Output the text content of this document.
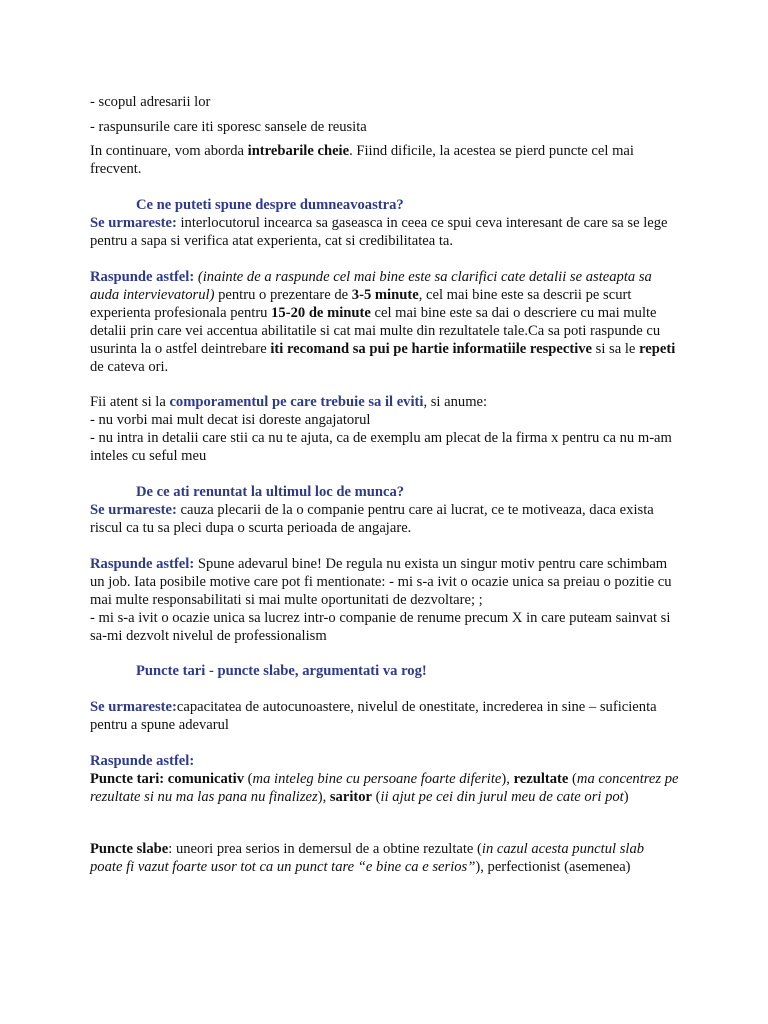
- scopul adresarii lor

- raspunsurile care iti sporesc sansele de reusita

In continuare, vom aborda intrebarile cheie. Fiind dificile, la acestea se pierd puncte cel mai frecvent.

Ce ne puteti spune despre dumneavoastra?

Se urmareste: interlocutorul incearca sa gaseasca in ceea ce spui ceva interesant de care sa se lege pentru a sapa si verifica atat experienta, cat si credibilitatea ta.

Raspunde astfel: (inainte de a raspunde cel mai bine este sa clarifici cate detalii se asteapta sa auda intervievatorul) pentru o prezentare de 3-5 minute, cel mai bine este sa descrii pe scurt experienta profesionala pentru 15-20 de minute cel mai bine este sa dai o descriere cu mai multe detalii prin care vei accentua abilitatile si cat mai multe din rezultatele tale.Ca sa poti raspunde cu usurinta la o astfel deintrebare iti recomand sa pui pe hartie informatiile respective si sa le repeti de cateva ori.

Fii atent si la comporamentul pe care trebuie sa il eviti, si anume:

- nu vorbi mai mult decat isi doreste angajatorul

- nu intra in detalii care stii ca nu te ajuta, ca de exemplu am plecat de la firma x pentru ca nu m-am inteles cu seful meu

De ce ati renuntat la ultimul loc de munca?

Se urmareste: cauza plecarii de la o companie pentru care ai lucrat, ce te motiveaza, daca exista riscul ca tu sa pleci dupa o scurta perioada de angajare.

Raspunde astfel: Spune adevarul bine! De regula nu exista un singur motiv pentru care schimbam un job. Iata posibile motive care pot fi mentionate: - mi s-a ivit o ocazie unica sa preiau o pozitie cu mai multe responsabilitati si mai multe oportunitati de dezvoltare; ;

- mi s-a ivit o ocazie unica sa lucrez intr-o companie de renume precum X in care puteam sainvat si sa-mi dezvolt nivelul de professionalism

Puncte tari - puncte slabe, argumentati va rog!

Se urmareste:capacitatea de autocunoastere, nivelul de onestitate, increderea in sine – suficienta pentru a spune adevarul

Raspunde astfel:

Puncte tari: comunicativ (ma inteleg bine cu persoane foarte diferite), rezultate (ma concentrez pe rezultate si nu ma las pana nu finalizez), saritor (ii ajut pe cei din jurul meu de cate ori pot)

Puncte slabe: uneori prea serios in demersul de a obtine rezultate (in cazul acesta punctul slab poate fi vazut foarte usor tot ca un punct tare “e bine ca e serios”), perfectionist (asemenea)
